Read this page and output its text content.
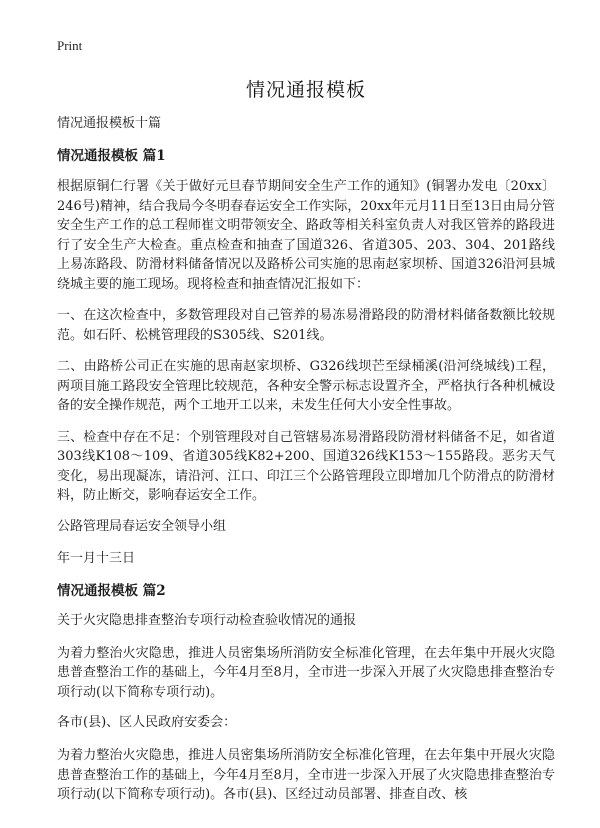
Print
情况通报模板
情况通报模板十篇
情况通报模板 篇1

根据原铜仁行署《关于做好元旦春节期间安全生产工作的通知》(铜署办发电〔20xx〕246号)精神，结合我局今冬明春春运安全工作实际，20xx年元月11日至13日由局分管安全生产工作的总工程师崔文明带领安全、路政等相关科室负责人对我区管养的路段进行了安全生产大检查。重点检查和抽查了国道326、省道305、203、304、201路线上易冻路段、防滑材料储备情况以及路桥公司实施的思南赵家坝桥、国道326沿河县城绕城主要的施工现场。现将检查和抽查情况汇报如下：

一、在这次检查中，多数管理段对自己管养的易冻易滑路段的防滑材料储备数额比较规范。如石阡、松桃管理段的S305线、S201线。

二、由路桥公司正在实施的思南赵家坝桥、G326线坝芒至绿桶溪(沿河绕城线)工程，两项目施工路段安全管理比较规范，各种安全警示标志设置齐全，严格执行各种机械设备的安全操作规范，两个工地开工以来，未发生任何大小安全性事故。

三、检查中存在不足：个别管理段对自己管辖易冻易滑路段防滑材料储备不足，如省道303线K108～109、省道305线K82+200、国道326线K153～155路段。恶劣天气变化，易出现凝冻，请沿河、江口、印江三个公路管理段立即增加几个防滑点的防滑材料，防止断交，影响春运安全工作。

公路管理局春运安全领导小组
年一月十三日
情况通报模板 篇2
关于火灾隐患排查整治专项行动检查验收情况的通报

为着力整治火灾隐患，推进人员密集场所消防安全标准化管理，在去年集中开展火灾隐患普查整治工作的基础上，今年4月至8月，全市进一步深入开展了火灾隐患排查整治专项行动(以下简称专项行动)。

各市(县)、区人民政府安委会：

为着力整治火灾隐患，推进人员密集场所消防安全标准化管理，在去年集中开展火灾隐患普查整治工作的基础上，今年4月至8月，全市进一步深入开展了火灾隐患排查整治专项行动(以下简称专项行动)。各市(县)、区经过动员部署、排查自改、核
